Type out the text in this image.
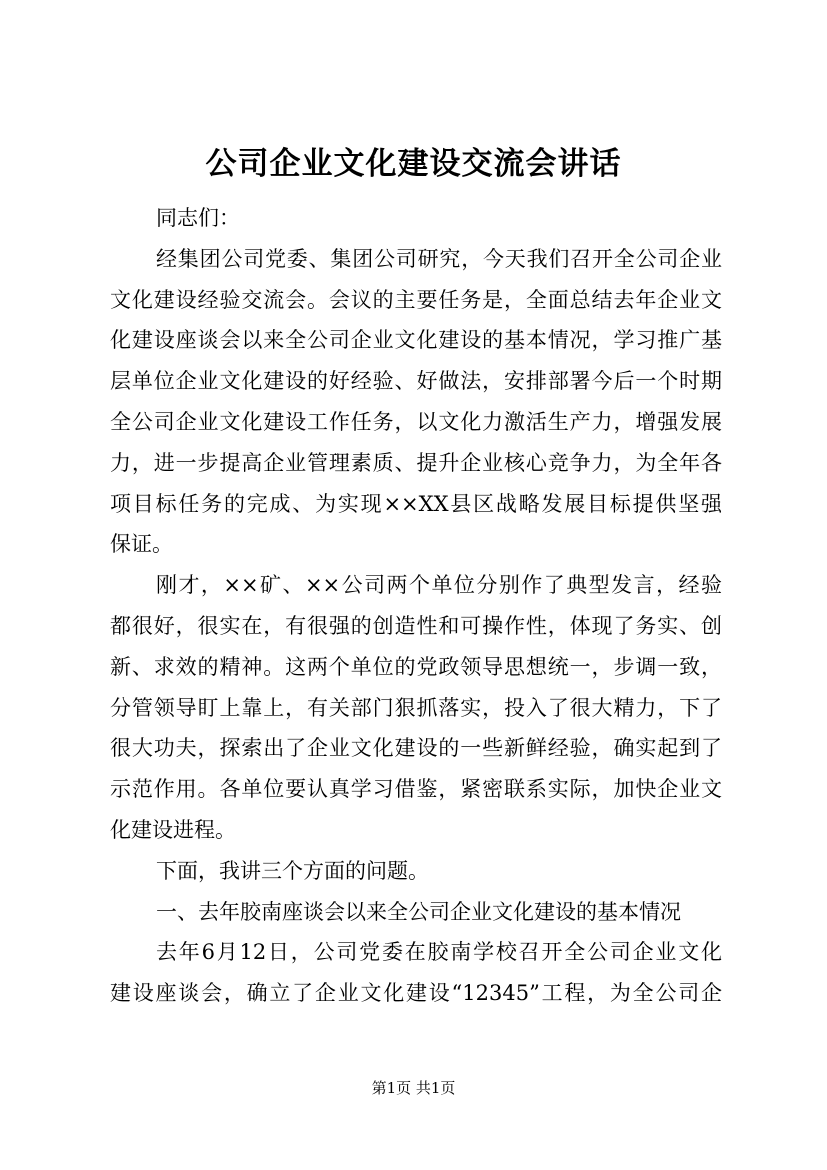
公司企业文化建设交流会讲话
同志们：
经集团公司党委、集团公司研究，今天我们召开全公司企业
文化建设经验交流会。会议的主要任务是，全面总结去年企业文
化建设座谈会以来全公司企业文化建设的基本情况，学习推广基
层单位企业文化建设的好经验、好做法，安排部署今后一个时期
全公司企业文化建设工作任务，以文化力激活生产力，增强发展
力，进一步提高企业管理素质、提升企业核心竞争力，为全年各
项目标任务的完成、为实现××XX县区战略发展目标提供坚强
保证。
刚才，××矿、××公司两个单位分别作了典型发言，经验
都很好，很实在，有很强的创造性和可操作性，体现了务实、创
新、求效的精神。这两个单位的党政领导思想统一，步调一致，
分管领导盯上靠上，有关部门狠抓落实，投入了很大精力，下了
很大功夫，探索出了企业文化建设的一些新鲜经验，确实起到了
示范作用。各单位要认真学习借鉴，紧密联系实际，加快企业文
化建设进程。
下面，我讲三个方面的问题。
一、去年胶南座谈会以来全公司企业文化建设的基本情况
去年6月12日，公司党委在胶南学校召开全公司企业文化
建设座谈会，确立了企业文化建设“12345”工程，为全公司企
第1页 共1页
